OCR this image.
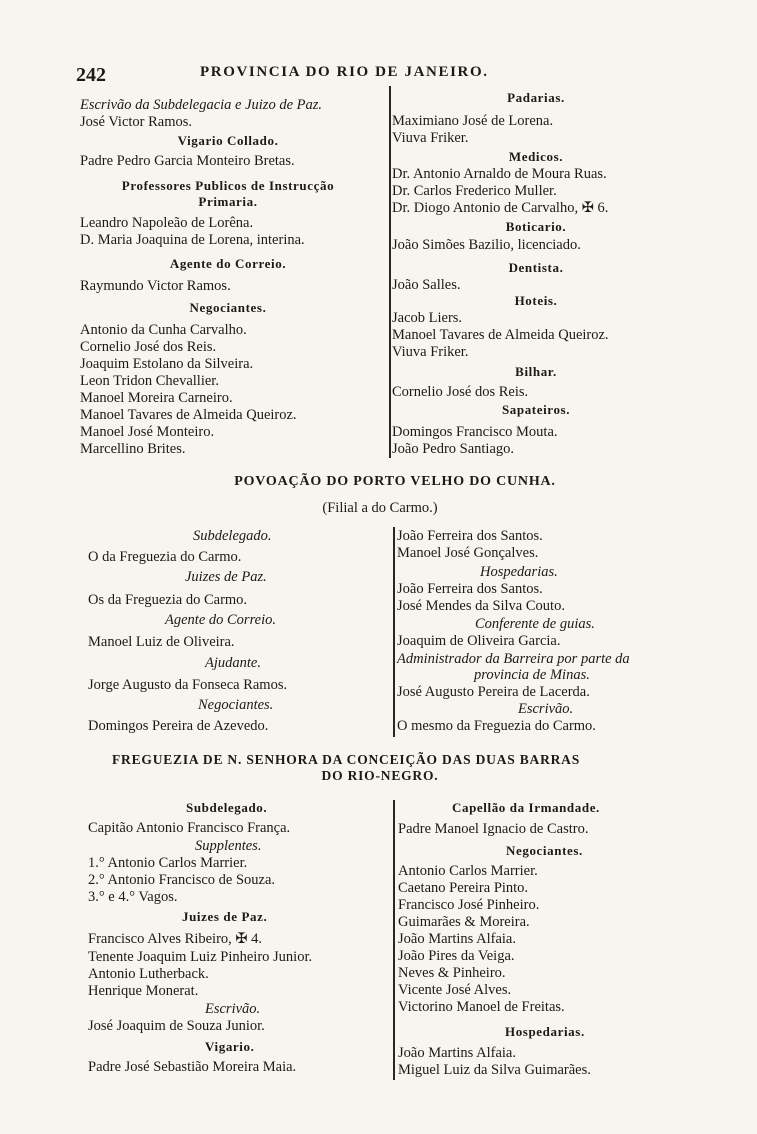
242	PROVINCIA DO RIO DE JANEIRO.
Escrivão da Subdelegacia e Juizo de Paz.
José Victor Ramos.
Vigario Collado.
Padre Pedro Garcia Monteiro Bretas.
Professores Publicos de Instrucção
Primaria.
Leandro Napoleão de Lorêna.
D. Maria Joaquina de Lorena, interina.
Agente do Correio.
Raymundo Victor Ramos.
Negociantes.
Antonio da Cunha Carvalho.
Cornelio José dos Reis.
Joaquim Estolano da Silveira.
Leon Tridon Chevallier.
Manoel Moreira Carneiro.
Manoel Tavares de Almeida Queiroz.
Manoel José Monteiro.
Marcellino Brites.
Padarias.
Maximiano José de Lorena.
Viuva Friker.
Medicos.
Dr. Antonio Arnaldo de Moura Ruas.
Dr. Carlos Frederico Muller.
Dr. Diogo Antonio de Carvalho, ✠ 6.
Boticario.
João Simões Bazilio, licenciado.
Dentista.
João Salles.
Hoteis.
Jacob Liers.
Manoel Tavares de Almeida Queiroz.
Viuva Friker.
Bilhar.
Cornelio José dos Reis.
Sapateiros.
Domingos Francisco Mouta.
João Pedro Santiago.
POVOAÇÃO DO PORTO VELHO DO CUNHA.
(Filial a do Carmo.)
Subdelegado.
O da Freguezia do Carmo.
Juizes de Paz.
Os da Freguezia do Carmo.
Agente do Correio.
Manoel Luiz de Oliveira.
Ajudante.
Jorge Augusto da Fonseca Ramos.
Negociantes.
Domingos Pereira de Azevedo.
João Ferreira dos Santos.
Manoel José Gonçalves.
Hospedarias.
João Ferreira dos Santos.
José Mendes da Silva Couto.
Conferente de guias.
Joaquim de Oliveira Garcia.
Administrador da Barreira por parte da
provincia de Minas.
José Augusto Pereira de Lacerda.
Escrivão.
O mesmo da Freguezia do Carmo.
FREGUEZIA DE N. SENHORA DA CONCEIÇÃO DAS DUAS BARRAS
DO RIO-NEGRO.
Subdelegado.
Capitão Antonio Francisco França.
Supplentes.
1.° Antonio Carlos Marrier.
2.° Antonio Francisco de Souza.
3.° e 4.° Vagos.
Juizes de Paz.
Francisco Alves Ribeiro, ✠ 4.
Tenente Joaquim Luiz Pinheiro Junior.
Antonio Lutherback.
Henrique Monerat.
Escrivão.
José Joaquim de Souza Junior.
Vigario.
Padre José Sebastião Moreira Maia.
Capellão da Irmandade.
Padre Manoel Ignacio de Castro.
Negociantes.
Antonio Carlos Marrier.
Caetano Pereira Pinto.
Francisco José Pinheiro.
Guimarães & Moreira.
João Martins Alfaia.
João Pires da Veiga.
Neves & Pinheiro.
Vicente José Alves.
Victorino Manoel de Freitas.
Hospedarias.
João Martins Alfaia.
Miguel Luiz da Silva Guimarães.
